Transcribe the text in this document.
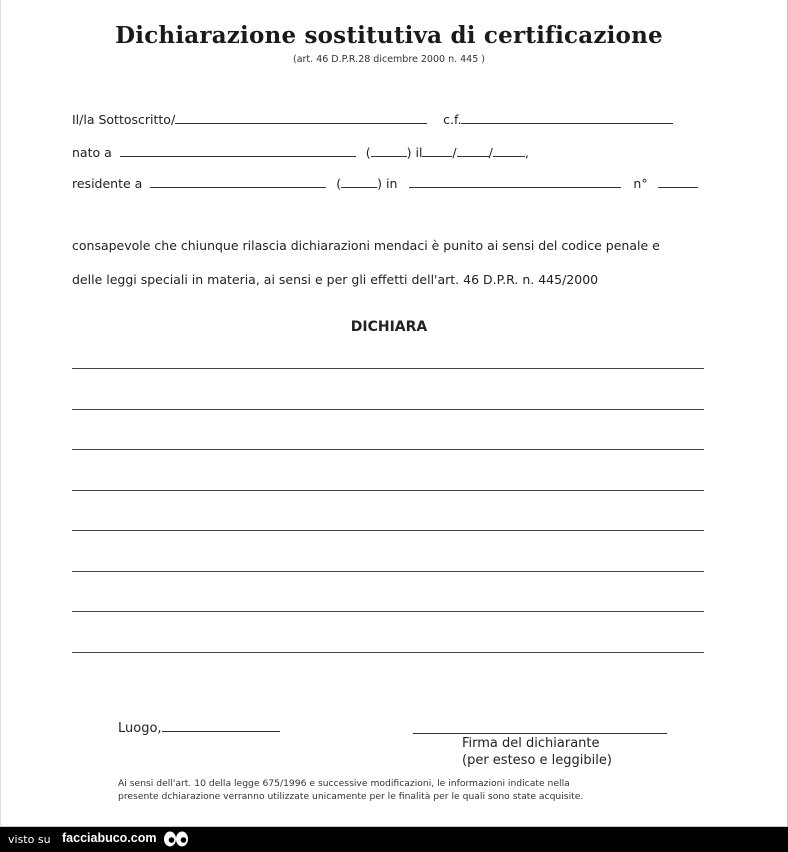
Dichiarazione sostitutiva di certificazione
(art. 46 D.P.R.28 dicembre 2000 n. 445 )
Il/la Sottoscritto/	c.f.
nato a	(	) il /	/	,
residente a	(	) in	n°
consapevole che chiunque rilascia dichiarazioni mendaci è punito ai sensi del codice penale e
delle leggi speciali in materia, ai sensi e per gli effetti dell'art. 46 D.P.R. n. 445/2000
DICHIARA
Luogo,
Firma del dichiarante
(per esteso e leggibile)
Ai sensi dell'art. 10 della legge 675/1996 e successive modificazioni, le informazioni indicate nella
presente dchiarazione verranno utilizzate unicamente per le finalità per le quali sono state acquisite.
visto su facciabuco.com
